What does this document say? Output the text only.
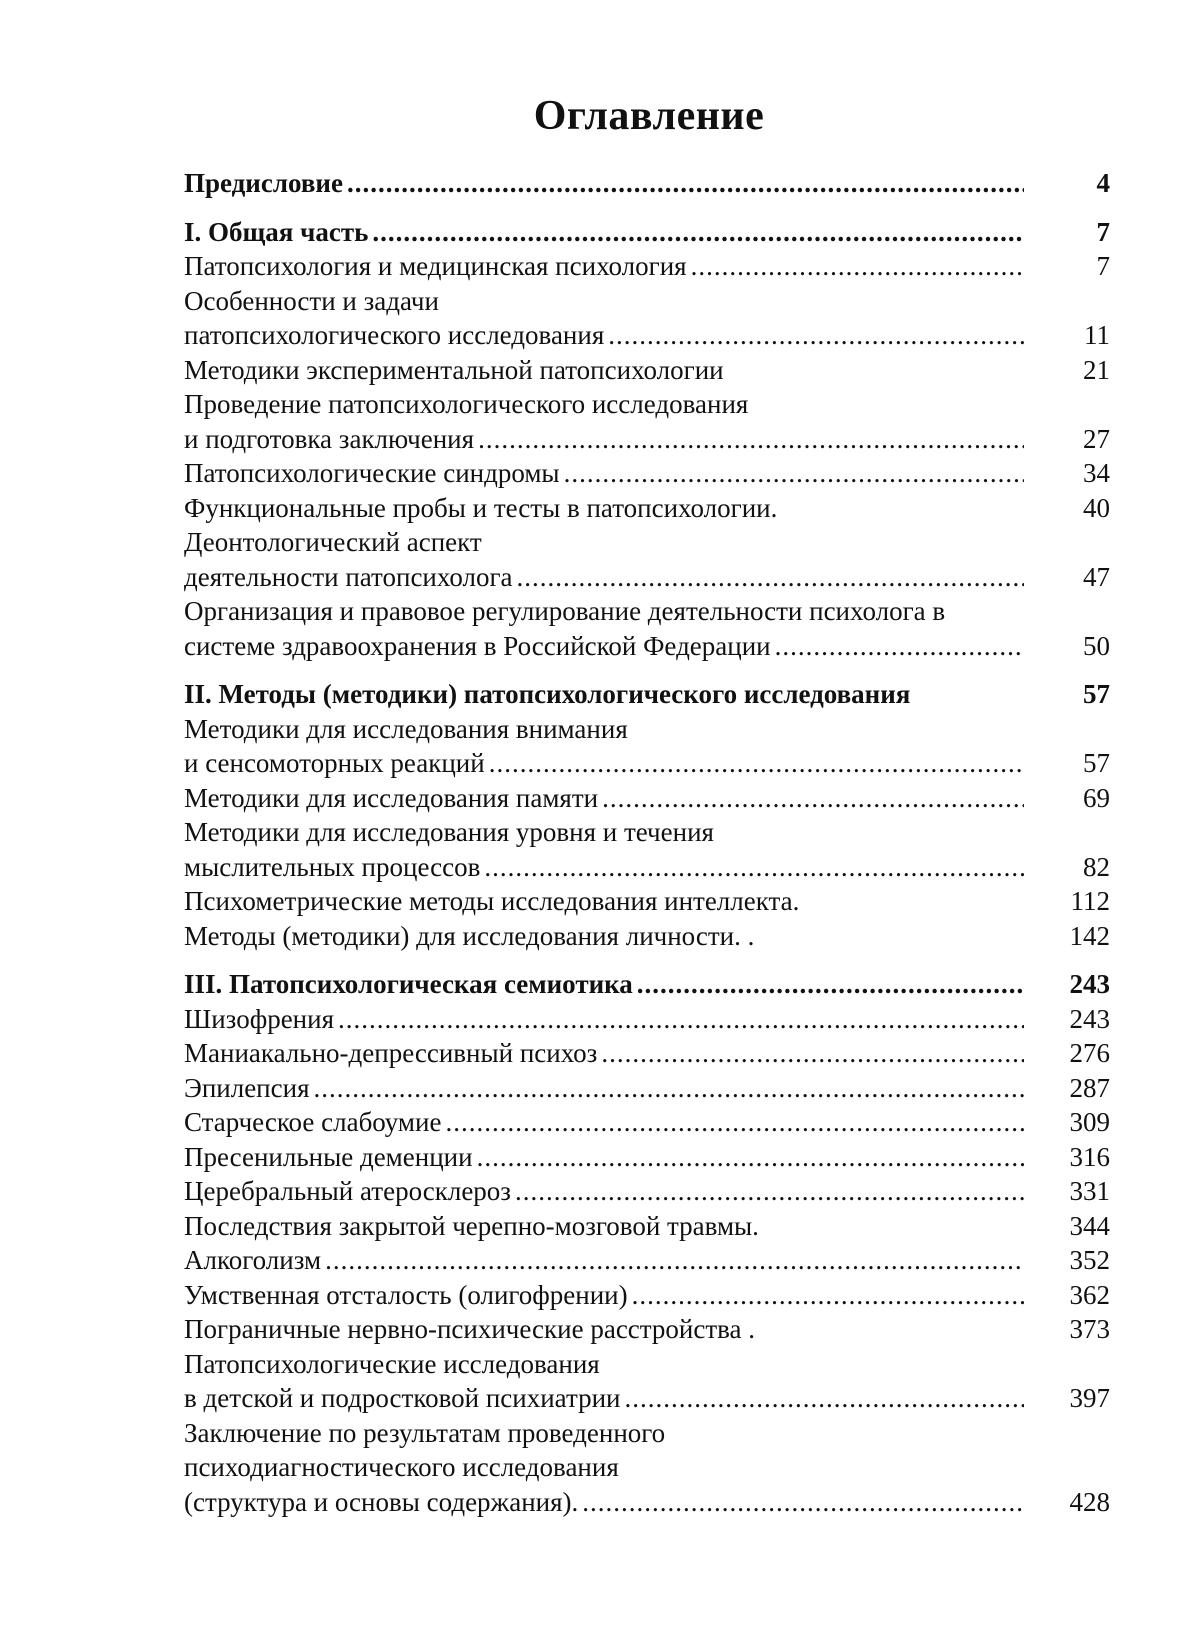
Оглавление
Предисловие .....	4
I. Общая часть .....	7
Патопсихология и медицинская психология .....	7
Особенности и задачи
патопсихологического исследования .....	11
Методики экспериментальной патопсихологии	21
Проведение патопсихологического исследования
и подготовка заключения .....	27
Патопсихологические синдромы .....	34
Функциональные пробы и тесты в патопсихологии.	40
Деонтологический аспект
деятельности патопсихолога .....	47
Организация и правовое регулирование деятельности психолога в
системе здравоохранения в Российской Федерации .....	50
II. Методы (методики) патопсихологического исследования	57
Методики для исследования внимания
и сенсомоторных реакций .....	57
Методики для исследования памяти .....	69
Методики для исследования уровня и течения
мыслительных процессов .....	82
Психометрические методы исследования интеллекта.	112
Методы (методики) для исследования личности. .	142
III. Патопсихологическая семиотика .....	243
Шизофрения .....	243
Маниакально-депрессивный психоз .....	276
Эпилепсия .....	287
Старческое слабоумие .....	309
Пресенильные деменции .....	316
Церебральный атеросклероз .....	331
Последствия закрытой черепно-мозговой травмы.	344
Алкоголизм .....	352
Умственная отсталость (олигофрении) .....	362
Пограничные нервно-психические расстройства .	373
Патопсихологические исследования
в детской и подростковой психиатрии .....	397
Заключение по результатам проведенного
психодиагностического исследования
(структура и основы содержания). .....	428
